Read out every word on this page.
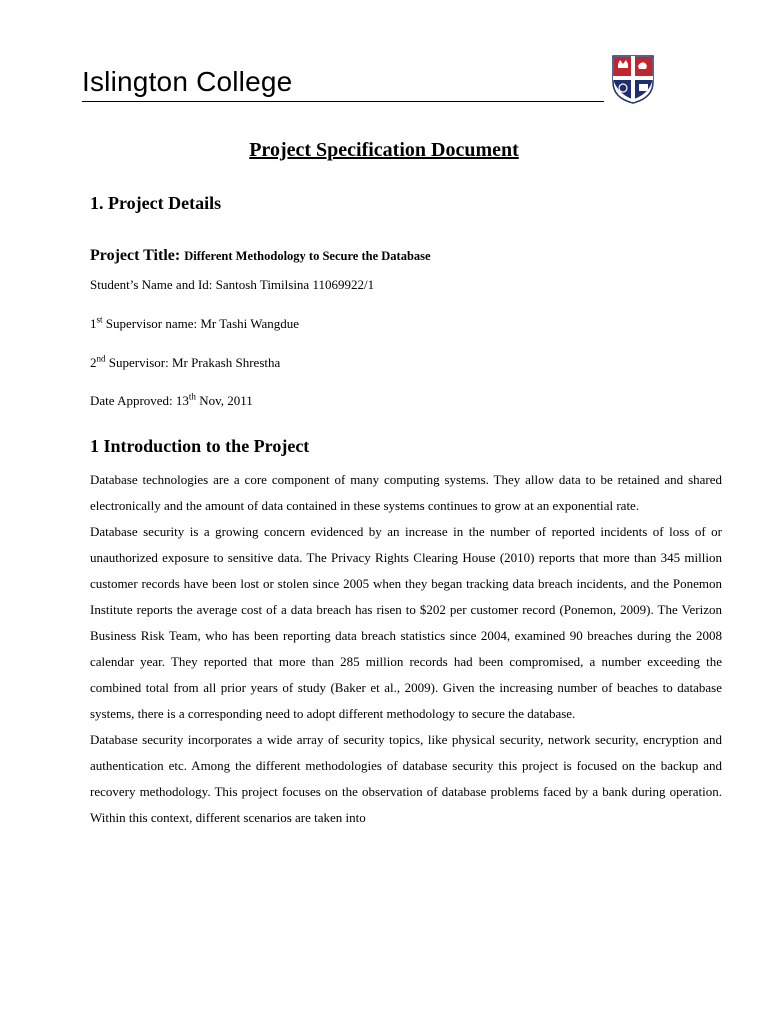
Islington College
Project Specification Document
1. Project Details
Project Title: Different Methodology to Secure the Database
Student’s Name and Id: Santosh Timilsina 11069922/1
1st Supervisor name: Mr Tashi Wangdue
2nd Supervisor: Mr Prakash Shrestha
Date Approved: 13th Nov, 2011
1 Introduction to the Project

Database technologies are a core component of many computing systems. They allow data to be retained and shared electronically and the amount of data contained in these systems continues to grow at an exponential rate.

Database security is a growing concern evidenced by an increase in the number of reported incidents of loss of or unauthorized exposure to sensitive data. The Privacy Rights Clearing House (2010) reports that more than 345 million customer records have been lost or stolen since 2005 when they began tracking data breach incidents, and the Ponemon Institute reports the average cost of a data breach has risen to $202 per customer record (Ponemon, 2009). The Verizon Business Risk Team, who has been reporting data breach statistics since 2004, examined 90 breaches during the 2008 calendar year. They reported that more than 285 million records had been compromised, a number exceeding the combined total from all prior years of study (Baker et al., 2009). Given the increasing number of beaches to database systems, there is a corresponding need to adopt different methodology to secure the database.

Database security incorporates a wide array of security topics, like physical security, network security, encryption and authentication etc. Among the different methodologies of database security this project is focused on the backup and recovery methodology. This project focuses on the observation of database problems faced by a bank during operation. Within this context, different scenarios are taken into
